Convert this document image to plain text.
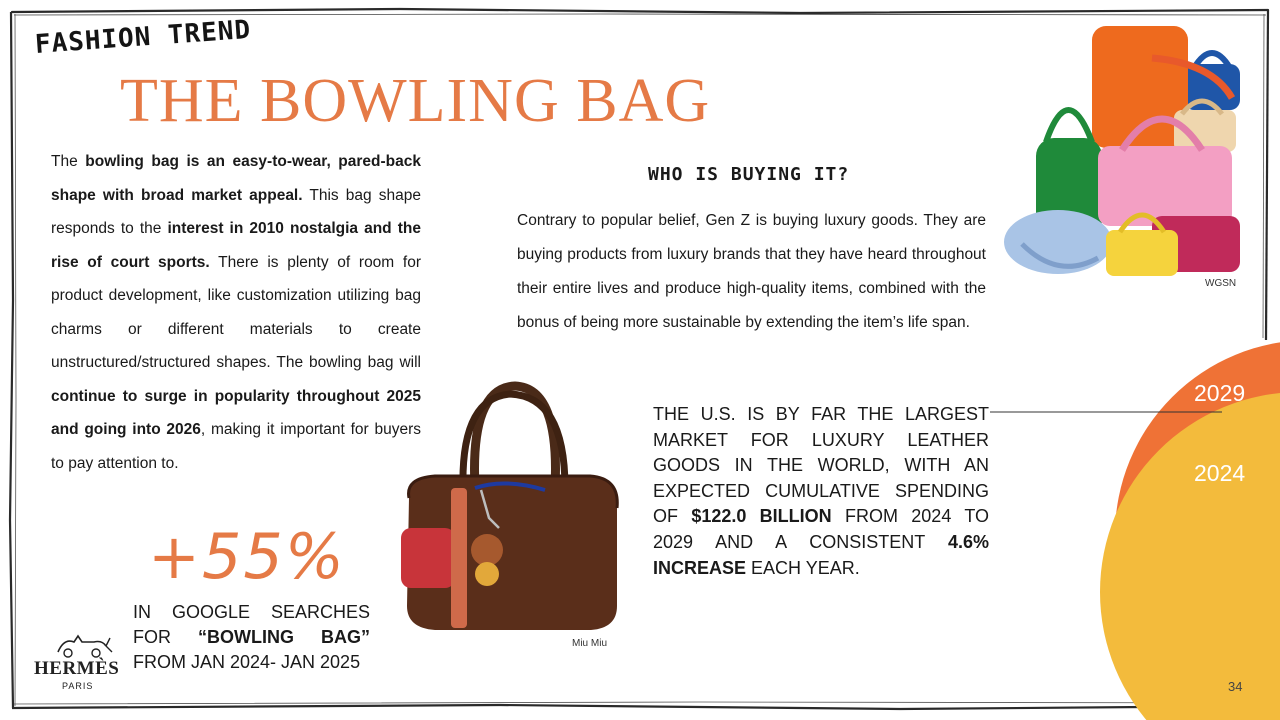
WGSN
Miu Miu
2029
2024
FASHION TREND
THE BOWLING BAG
The bowling bag is an easy-to-wear, pared-back shape with broad market appeal. This bag shape responds to the interest in 2010 nostalgia and the rise of court sports. There is plenty of room for product development, like customization utilizing bag charms or different materials to create unstructured/structured shapes. The bowling bag will continue to surge in popularity throughout 2025 and going into 2026, making it important for buyers to pay attention to.
WHO IS BUYING IT?
Contrary to popular belief, Gen Z is buying luxury goods. They are buying products from luxury brands that they have heard throughout their entire lives and produce high-quality items, combined with the bonus of being more sustainable by extending the item’s life span.
THE U.S. IS BY FAR THE LARGEST MARKET FOR LUXURY LEATHER GOODS IN THE WORLD, WITH AN EXPECTED CUMULATIVE SPENDING OF $122.0 BILLION FROM 2024 TO 2029 AND A CONSISTENT 4.6% INCREASE EACH YEAR.
+55%
IN GOOGLE SEARCHES FOR “BOWLING BAG” FROM JAN 2024- JAN 2025
HERMÈS
PARIS	34
